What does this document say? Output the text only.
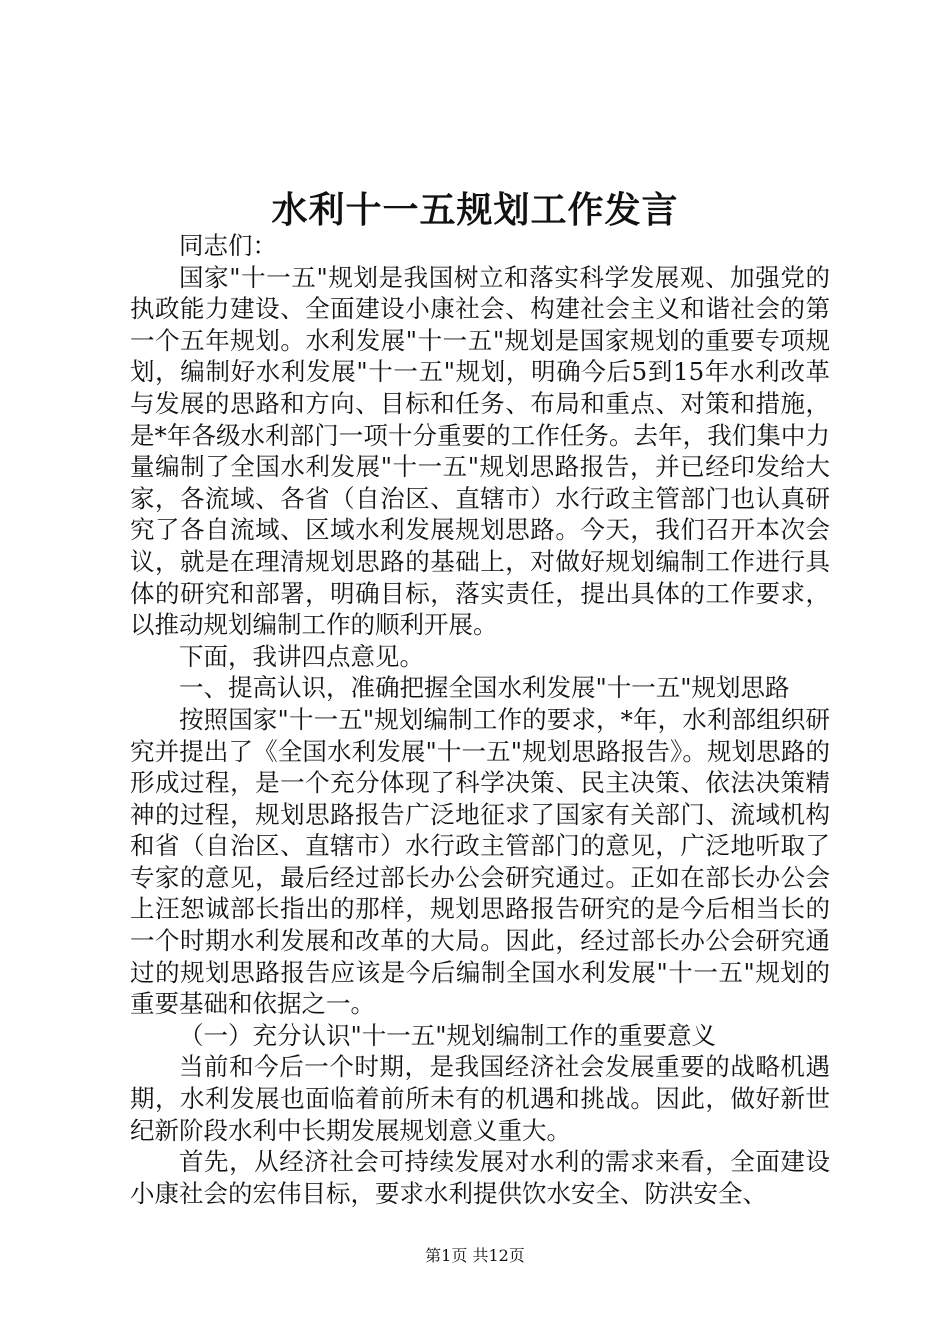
水利十一五规划工作发言

同志们：

国家"十一五"规划是我国树立和落实科学发展观、加强党的执政能力建设、全面建设小康社会、构建社会主义和谐社会的第一个五年规划。水利发展"十一五"规划是国家规划的重要专项规划，编制好水利发展"十一五"规划，明确今后5到15年水利改革与发展的思路和方向、目标和任务、布局和重点、对策和措施，是*年各级水利部门一项十分重要的工作任务。去年，我们集中力量编制了全国水利发展"十一五"规划思路报告，并已经印发给大家，各流域、各省（自治区、直辖市）水行政主管部门也认真研究了各自流域、区域水利发展规划思路。今天，我们召开本次会议，就是在理清规划思路的基础上，对做好规划编制工作进行具体的研究和部署，明确目标，落实责任，提出具体的工作要求，以推动规划编制工作的顺利开展。

下面，我讲四点意见。

一、提高认识，准确把握全国水利发展"十一五"规划思路

按照国家"十一五"规划编制工作的要求，*年，水利部组织研究并提出了《全国水利发展"十一五"规划思路报告》。规划思路的形成过程，是一个充分体现了科学决策、民主决策、依法决策精神的过程，规划思路报告广泛地征求了国家有关部门、流域机构和省（自治区、直辖市）水行政主管部门的意见，广泛地听取了专家的意见，最后经过部长办公会研究通过。正如在部长办公会上汪恕诚部长指出的那样，规划思路报告研究的是今后相当长的一个时期水利发展和改革的大局。因此，经过部长办公会研究通过的规划思路报告应该是今后编制全国水利发展"十一五"规划的重要基础和依据之一。

（一）充分认识"十一五"规划编制工作的重要意义

当前和今后一个时期，是我国经济社会发展重要的战略机遇期，水利发展也面临着前所未有的机遇和挑战。因此，做好新世纪新阶段水利中长期发展规划意义重大。

首先，从经济社会可持续发展对水利的需求来看，全面建设小康社会的宏伟目标，要求水利提供饮水安全、防洪安全、

第1页 共12页
